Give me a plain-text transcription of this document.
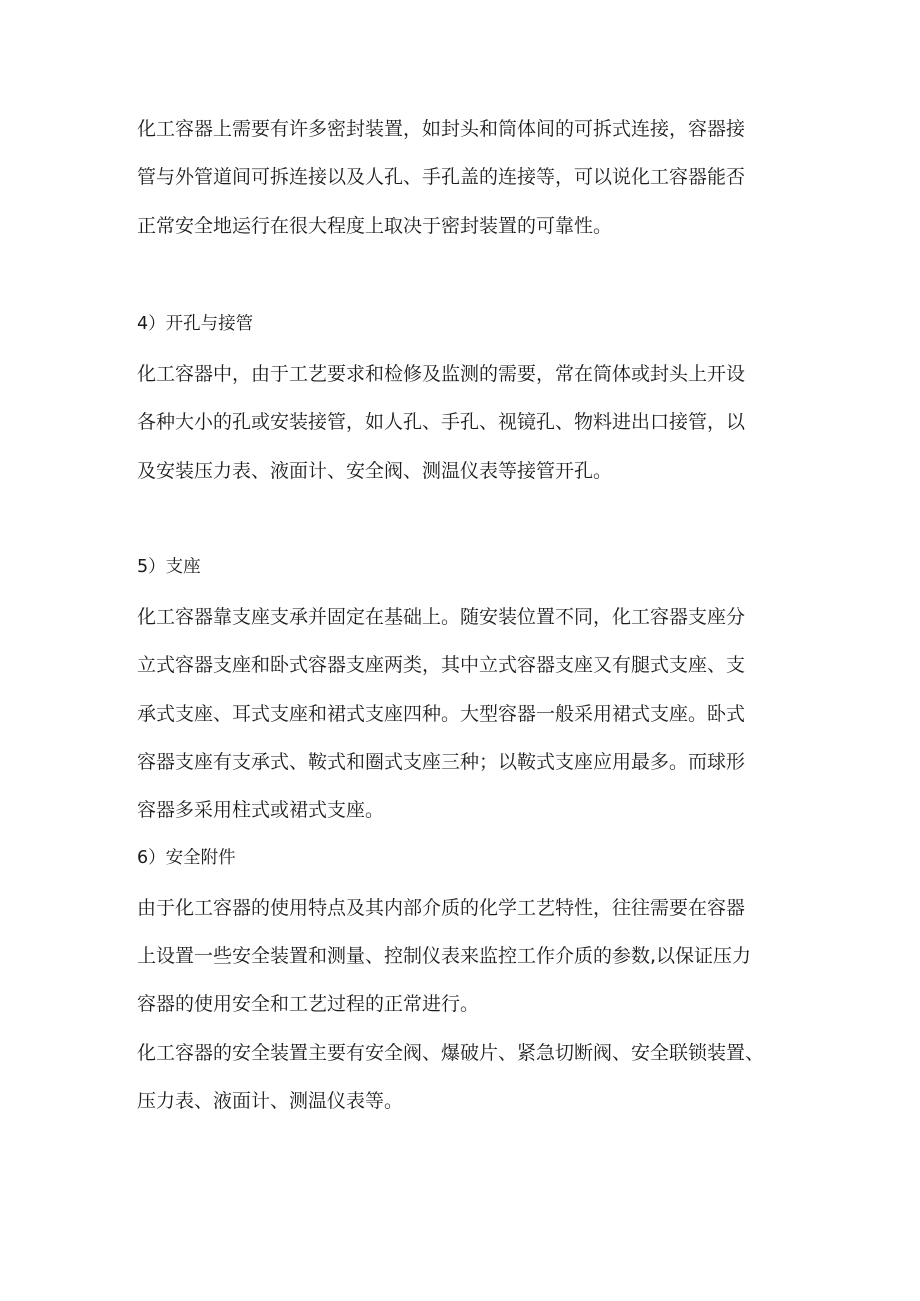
化工容器上需要有许多密封装置，如封头和筒体间的可拆式连接，容器接
管与外管道间可拆连接以及人孔、手孔盖的连接等，可以说化工容器能否
正常安全地运行在很大程度上取决于密封装置的可靠性。
4）开孔与接管
化工容器中，由于工艺要求和检修及监测的需要，常在筒体或封头上开设
各种大小的孔或安装接管，如人孔、手孔、视镜孔、物料进出口接管，以
及安装压力表、液面计、安全阀、测温仪表等接管开孔。
5）支座
化工容器靠支座支承并固定在基础上。随安装位置不同，化工容器支座分
立式容器支座和卧式容器支座两类，其中立式容器支座又有腿式支座、支
承式支座、耳式支座和裙式支座四种。大型容器一般采用裙式支座。卧式
容器支座有支承式、鞍式和圈式支座三种；以鞍式支座应用最多。而球形
容器多采用柱式或裙式支座。
6）安全附件
由于化工容器的使用特点及其内部介质的化学工艺特性，往往需要在容器
上设置一些安全装置和测量、控制仪表来监控工作介质的参数,以保证压力
容器的使用安全和工艺过程的正常进行。
化工容器的安全装置主要有安全阀、爆破片、紧急切断阀、安全联锁装置、
压力表、液面计、测温仪表等。
